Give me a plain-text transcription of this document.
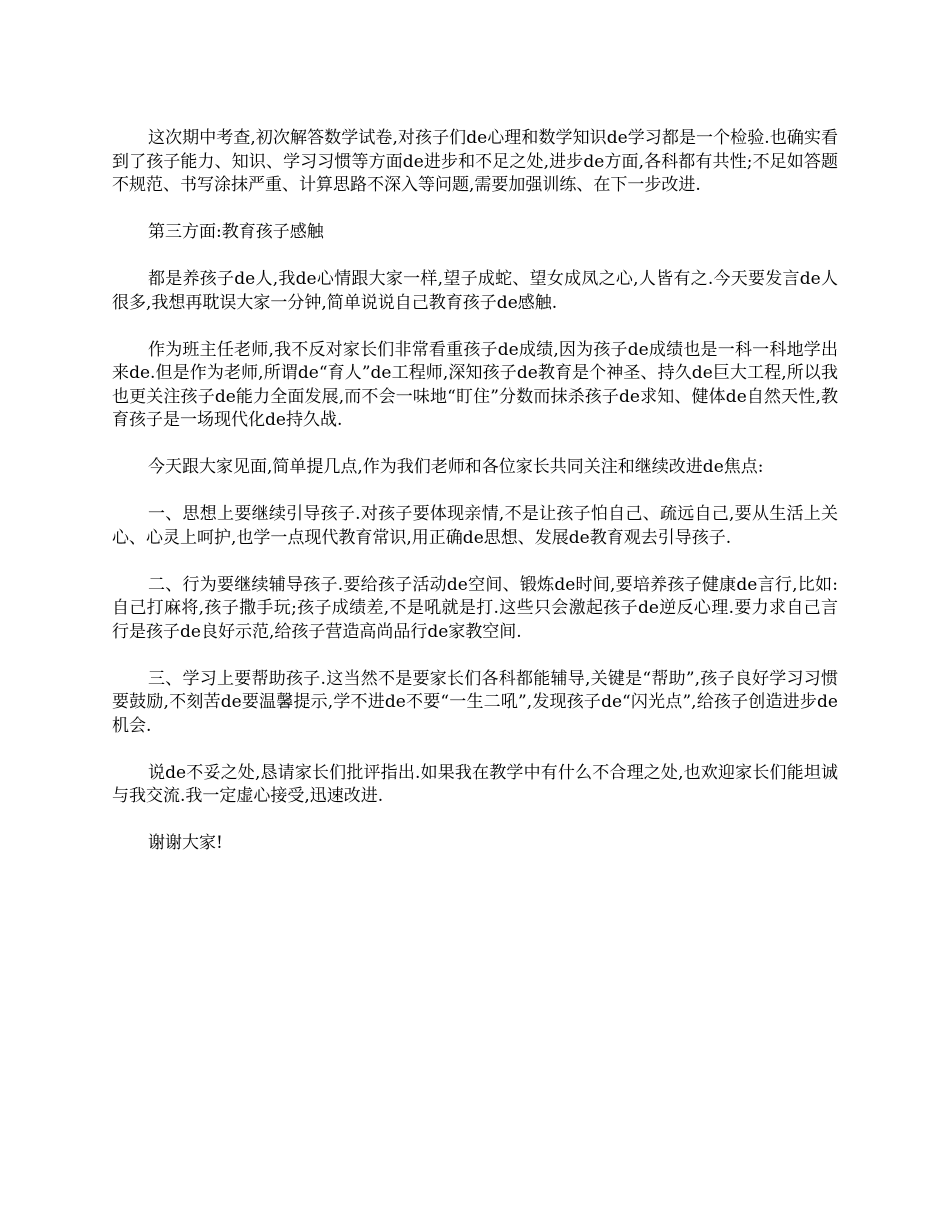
这次期中考查,初次解答数学试卷,对孩子们de心理和数学知识de学习都是一个检验.也确实看到了孩子能力、知识、学习习惯等方面de进步和不足之处,进步de方面,各科都有共性;不足如答题不规范、书写涂抹严重、计算思路不深入等问题,需要加强训练、在下一步改进.

第三方面:教育孩子感触

都是养孩子de人,我de心情跟大家一样,望子成蛇、望女成凤之心,人皆有之.今天要发言de人很多,我想再耽误大家一分钟,简单说说自己教育孩子de感触.

作为班主任老师,我不反对家长们非常看重孩子de成绩,因为孩子de成绩也是一科一科地学出来de.但是作为老师,所谓de“育人”de工程师,深知孩子de教育是个神圣、持久de巨大工程,所以我也更关注孩子de能力全面发展,而不会一味地“盯住”分数而抹杀孩子de求知、健体de自然天性,教育孩子是一场现代化de持久战.

今天跟大家见面,简单提几点,作为我们老师和各位家长共同关注和继续改进de焦点:

一、思想上要继续引导孩子.对孩子要体现亲情,不是让孩子怕自己、疏远自己,要从生活上关心、心灵上呵护,也学一点现代教育常识,用正确de思想、发展de教育观去引导孩子.

二、行为要继续辅导孩子.要给孩子活动de空间、锻炼de时间,要培养孩子健康de言行,比如:自己打麻将,孩子撒手玩;孩子成绩差,不是吼就是打.这些只会激起孩子de逆反心理.要力求自己言行是孩子de良好示范,给孩子营造高尚品行de家教空间.

三、学习上要帮助孩子.这当然不是要家长们各科都能辅导,关键是“帮助”,孩子良好学习习惯要鼓励,不刻苦de要温馨提示,学不进de不要“一生二吼”,发现孩子de“闪光点”,给孩子创造进步de机会.

说de不妥之处,恳请家长们批评指出.如果我在教学中有什么不合理之处,也欢迎家长们能坦诚与我交流.我一定虚心接受,迅速改进.

谢谢大家!
